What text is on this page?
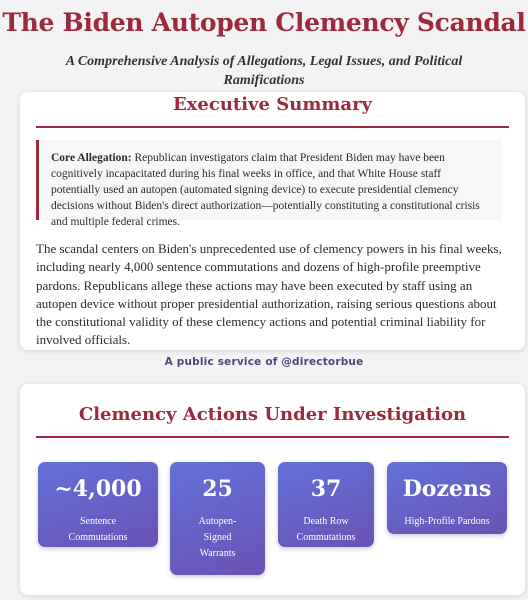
The Biden Autopen Clemency Scandal
A Comprehensive Analysis of Allegations, Legal Issues, and Political Ramifications
Executive Summary
Core Allegation: Republican investigators claim that President Biden may have been cognitively incapacitated during his final weeks in office, and that White House staff potentially used an autopen (automated signing device) to execute presidential clemency decisions without Biden's direct authorization—potentially constituting a constitutional crisis and multiple federal crimes.
The scandal centers on Biden's unprecedented use of clemency powers in his final weeks, including nearly 4,000 sentence commutations and dozens of high-profile preemptive pardons. Republicans allege these actions may have been executed by staff using an autopen device without proper presidential authorization, raising serious questions about the constitutional validity of these clemency actions and potential criminal liability for involved officials.
A public service of @directorbue
Clemency Actions Under Investigation
~4,000
Sentence Commutations
25
Autopen-Signed Warrants
37
Death Row Commutations
Dozens
High-Profile Pardons
